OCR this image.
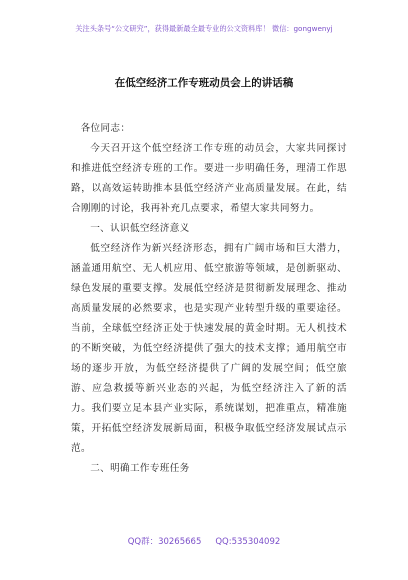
关注头条号“公文研究”，获得最新最全最专业的公文资料库！ 微信：gongwenyj
在低空经济工作专班动员会上的讲话稿

各位同志：

今天召开这个低空经济工作专班的动员会，大家共同探讨和推进低空经济专班的工作。要进一步明确任务，理清工作思路，以高效运转助推本县低空经济产业高质量发展。在此，结合刚刚的讨论，我再补充几点要求，希望大家共同努力。

一、认识低空经济意义

低空经济作为新兴经济形态，拥有广阔市场和巨大潜力，涵盖通用航空、无人机应用、低空旅游等领域，是创新驱动、绿色发展的重要支撑。发展低空经济是贯彻新发展理念、推动高质量发展的必然要求，也是实现产业转型升级的重要途径。当前，全球低空经济正处于快速发展的黄金时期。无人机技术的不断突破，为低空经济提供了强大的技术支撑；通用航空市场的逐步开放，为低空经济提供了广阔的发展空间；低空旅游、应急救援等新兴业态的兴起，为低空经济注入了新的活力。我们要立足本县产业实际，系统谋划，把准重点，精准施策，开拓低空经济发展新局面，积极争取低空经济发展试点示范。

二、明确工作专班任务

QQ群：30265665 QQ:535304092
